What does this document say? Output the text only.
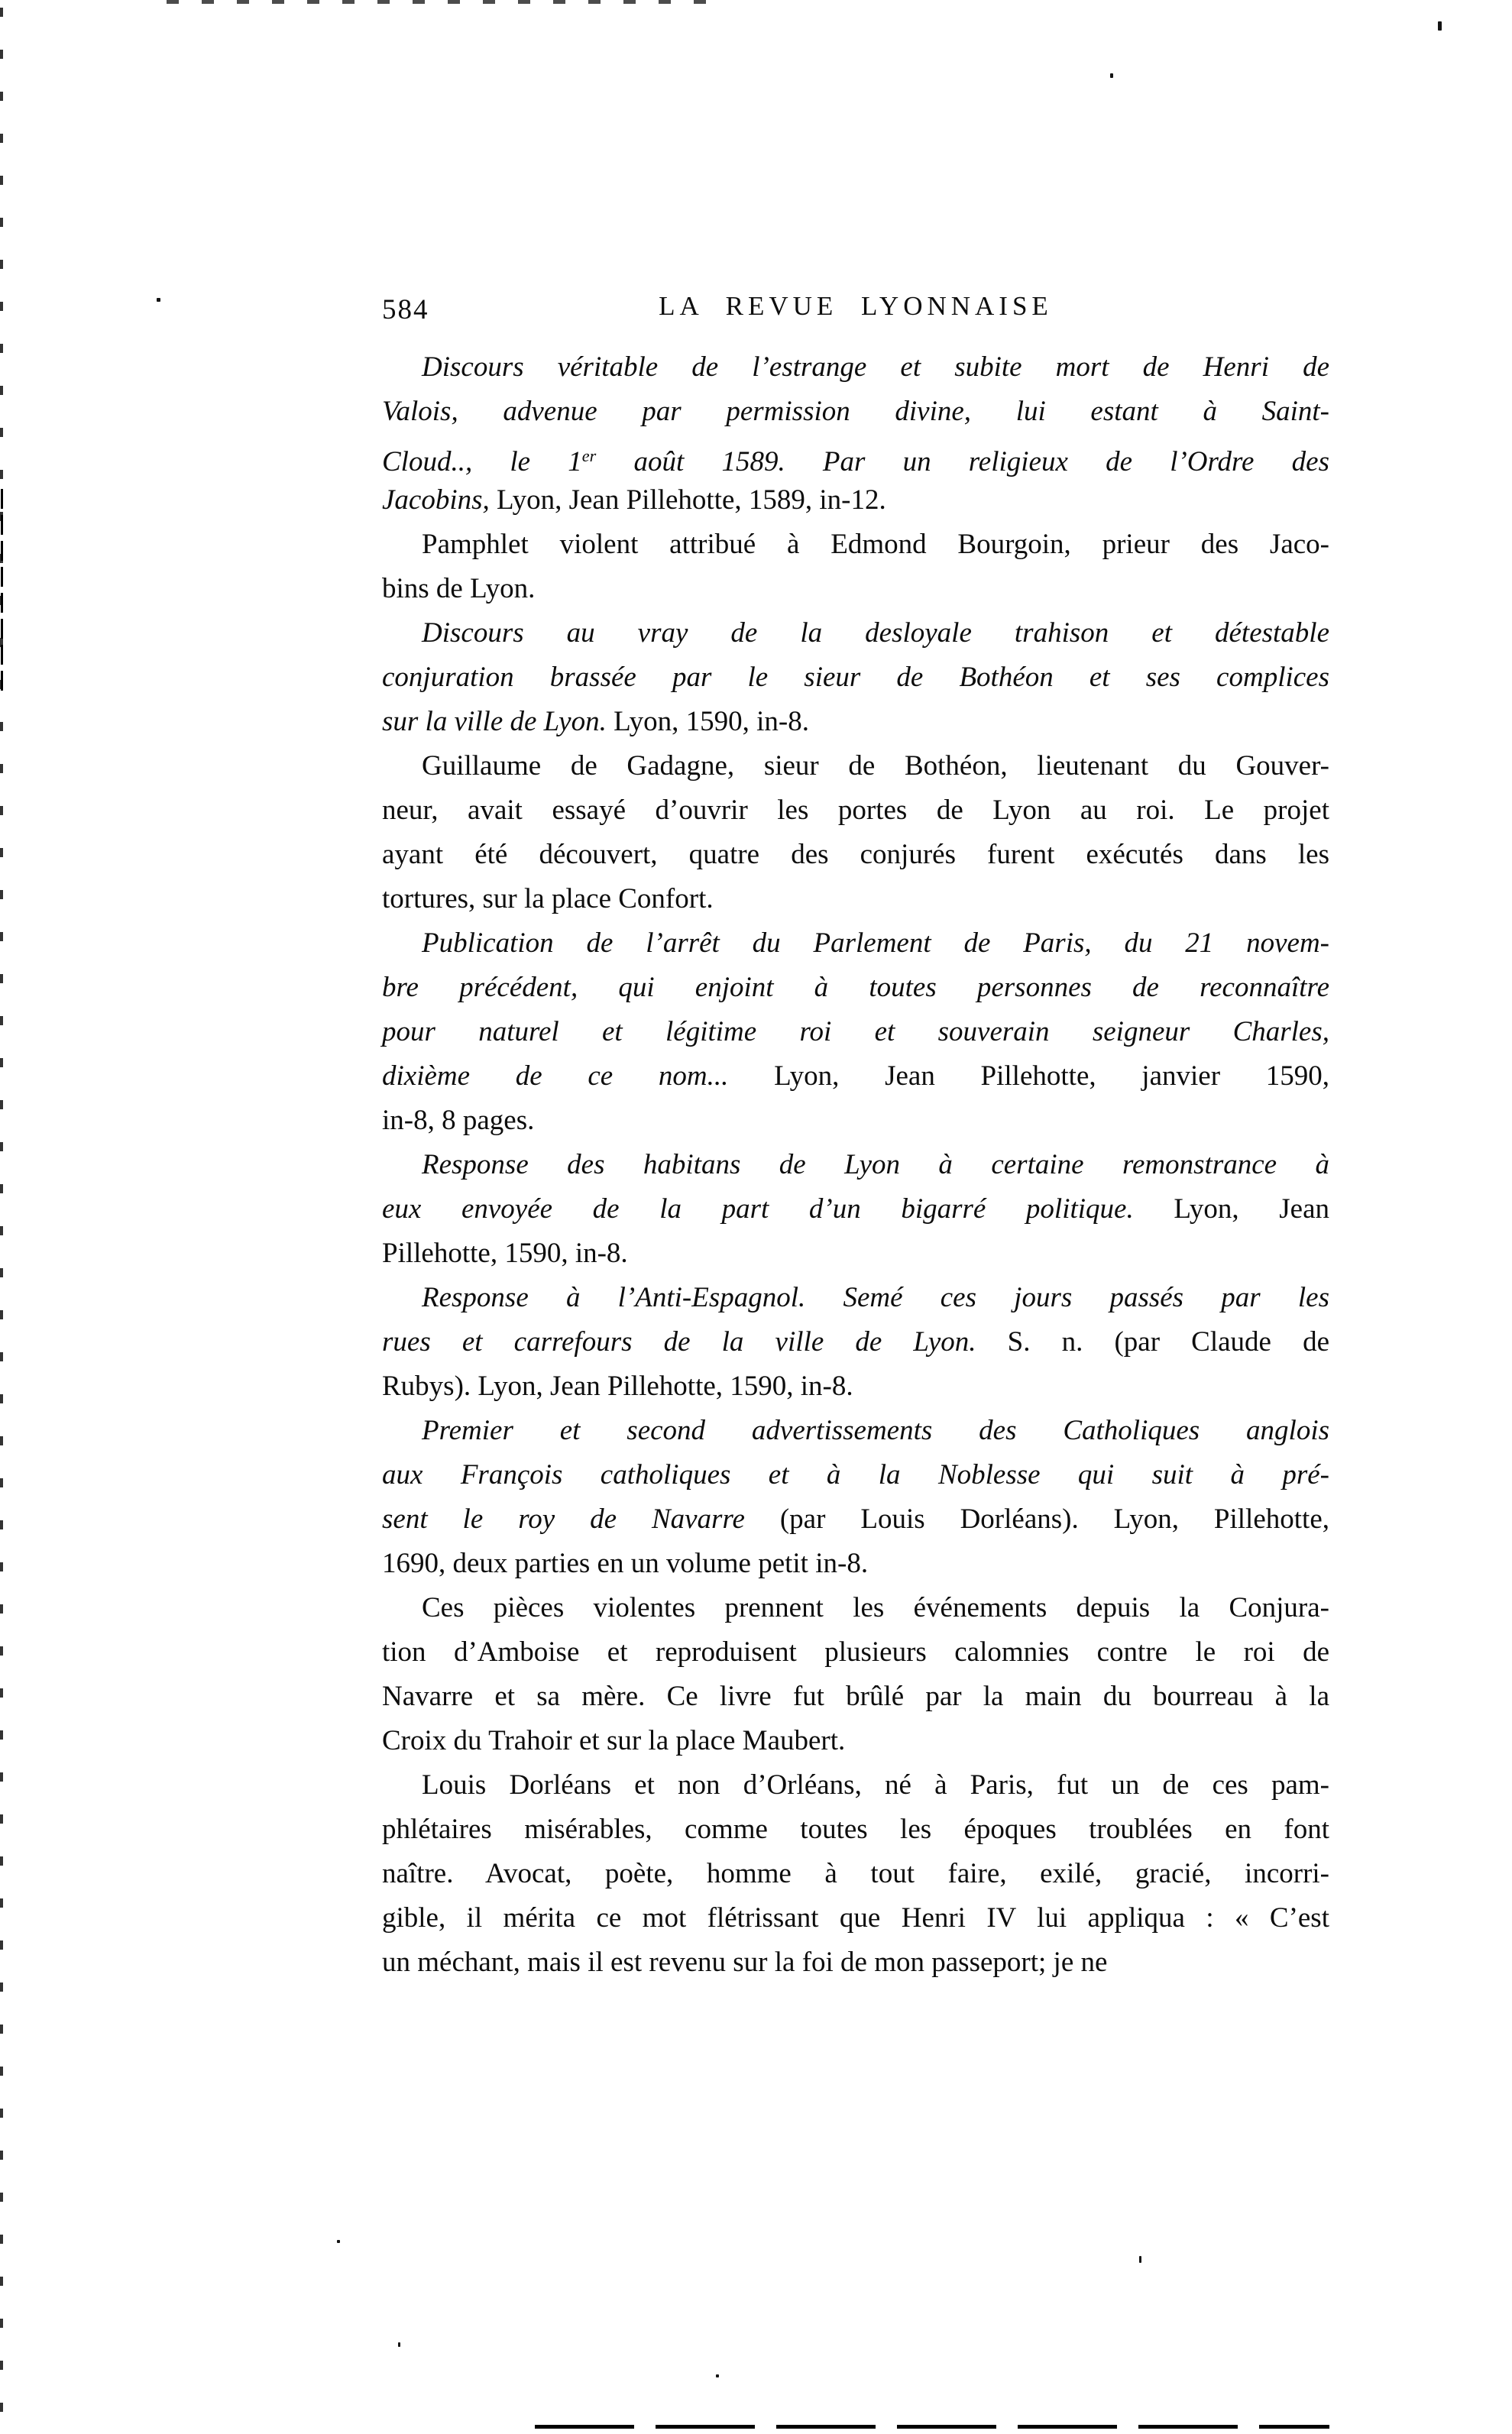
584	LA REVUE LYONNAISE
Discours véritable de l’estrange et subite mort de Henri de
Valois, advenue par permission divine, lui estant à Saint-
Cloud.., le 1er août 1589. Par un religieux de l’Ordre des
Jacobins, Lyon, Jean Pillehotte, 1589, in-12.
Pamphlet violent attribué à Edmond Bourgoin, prieur des Jaco-
bins de Lyon.
Discours au vray de la desloyale trahison et détestable
conjuration brassée par le sieur de Bothéon et ses complices
sur la ville de Lyon. Lyon, 1590, in-8.
Guillaume de Gadagne, sieur de Bothéon, lieutenant du Gouver-
neur, avait essayé d’ouvrir les portes de Lyon au roi. Le projet
ayant été découvert, quatre des conjurés furent exécutés dans les
tortures, sur la place Confort.
Publication de l’arrêt du Parlement de Paris, du 21 novem-
bre précédent, qui enjoint à toutes personnes de reconnaître
pour naturel et légitime roi et souverain seigneur Charles,
dixième de ce nom... Lyon, Jean Pillehotte, janvier 1590,
in-8, 8 pages.
Response des habitans de Lyon à certaine remonstrance à
eux envoyée de la part d’un bigarré politique. Lyon, Jean
Pillehotte, 1590, in-8.
Response à l’Anti-Espagnol. Semé ces jours passés par les
rues et carrefours de la ville de Lyon. S. n. (par Claude de
Rubys). Lyon, Jean Pillehotte, 1590, in-8.
Premier et second advertissements des Catholiques anglois
aux François catholiques et à la Noblesse qui suit à pré-
sent le roy de Navarre (par Louis Dorléans). Lyon, Pillehotte,
1690, deux parties en un volume petit in-8.
Ces pièces violentes prennent les événements depuis la Conjura-
tion d’Amboise et reproduisent plusieurs calomnies contre le roi de
Navarre et sa mère. Ce livre fut brûlé par la main du bourreau à la
Croix du Trahoir et sur la place Maubert.
Louis Dorléans et non d’Orléans, né à Paris, fut un de ces pam-
phlétaires misérables, comme toutes les époques troublées en font
naître. Avocat, poète, homme à tout faire, exilé, gracié, incorri-
gible, il mérita ce mot flétrissant que Henri IV lui appliqua : « C’est
un méchant, mais il est revenu sur la foi de mon passeport; je ne
